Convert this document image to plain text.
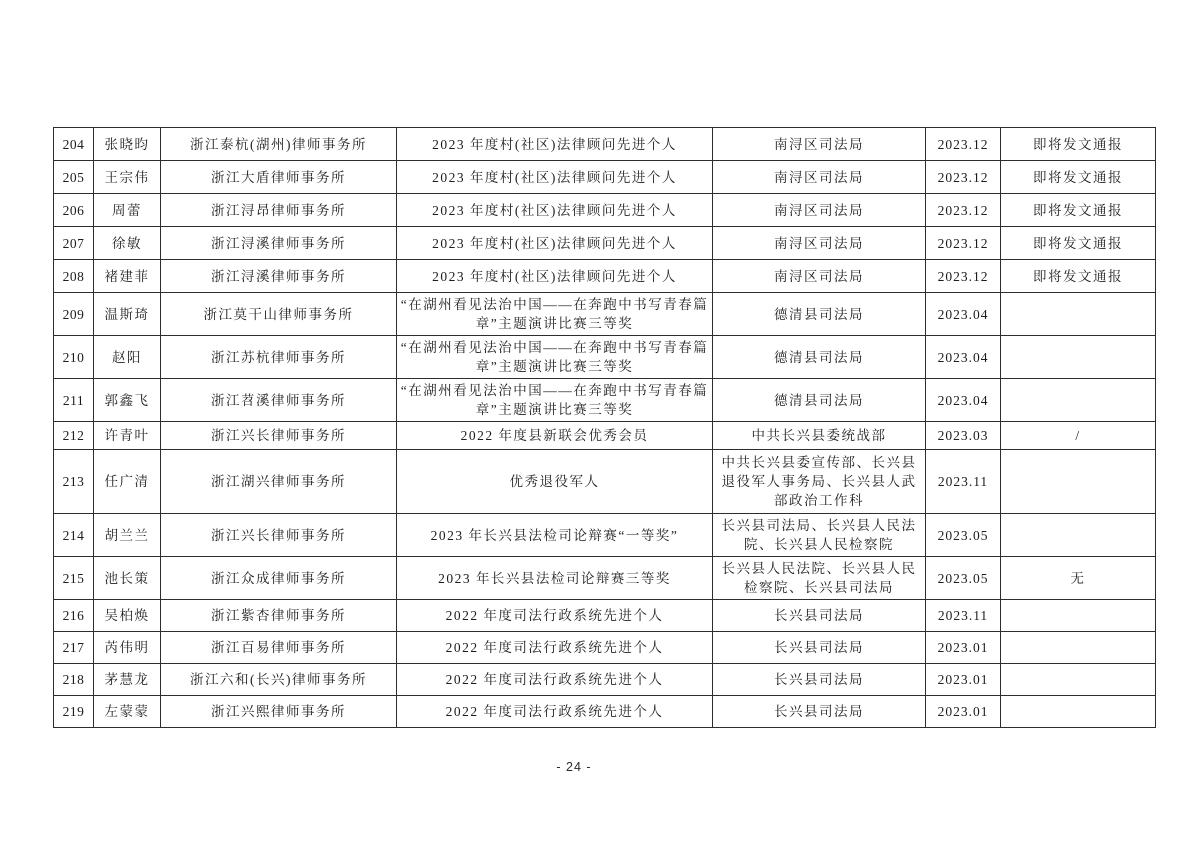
204	张晓昀	浙江泰杭(湖州)律师事务所	2023 年度村(社区)法律顾问先进个人	南浔区司法局	2023.12	即将发文通报
205	王宗伟	浙江大盾律师事务所	2023 年度村(社区)法律顾问先进个人	南浔区司法局	2023.12	即将发文通报
206	周蕾	浙江浔昂律师事务所	2023 年度村(社区)法律顾问先进个人	南浔区司法局	2023.12	即将发文通报
207	徐敏	浙江浔溪律师事务所	2023 年度村(社区)法律顾问先进个人	南浔区司法局	2023.12	即将发文通报
208	褚建菲	浙江浔溪律师事务所	2023 年度村(社区)法律顾问先进个人	南浔区司法局	2023.12	即将发文通报
209	温斯琦	浙江莫干山律师事务所	“在湖州看见法治中国——在奔跑中书写青春篇章”主题演讲比赛三等奖	德清县司法局	2023.04	
210	赵阳	浙江苏杭律师事务所	“在湖州看见法治中国——在奔跑中书写青春篇章”主题演讲比赛三等奖	德清县司法局	2023.04	
211	郭鑫飞	浙江苕溪律师事务所	“在湖州看见法治中国——在奔跑中书写青春篇章”主题演讲比赛三等奖	德清县司法局	2023.04	
212	许青叶	浙江兴长律师事务所	2022 年度县新联会优秀会员	中共长兴县委统战部	2023.03	/
213	任广清	浙江湖兴律师事务所	优秀退役军人	中共长兴县委宣传部、长兴县退役军人事务局、长兴县人武部政治工作科	2023.11	
214	胡兰兰	浙江兴长律师事务所	2023 年长兴县法检司论辩赛“一等奖”	长兴县司法局、长兴县人民法院、长兴县人民检察院	2023.05	
215	池长策	浙江众成律师事务所	2023 年长兴县法检司论辩赛三等奖	长兴县人民法院、长兴县人民检察院、长兴县司法局	2023.05	无
216	吴柏焕	浙江紫杏律师事务所	2022 年度司法行政系统先进个人	长兴县司法局	2023.11	
217	芮伟明	浙江百易律师事务所	2022 年度司法行政系统先进个人	长兴县司法局	2023.01	
218	茅慧龙	浙江六和(长兴)律师事务所	2022 年度司法行政系统先进个人	长兴县司法局	2023.01	
219	左蒙蒙	浙江兴熙律师事务所	2022 年度司法行政系统先进个人	长兴县司法局	2023.01	
- 24 -
